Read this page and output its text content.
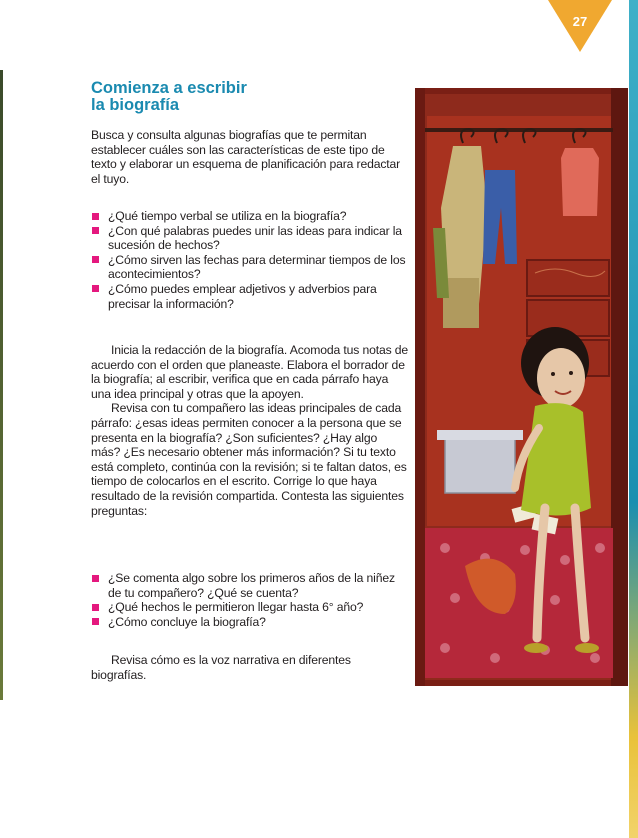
27
Comienza a escribir
la biografía

Busca y consulta algunas biografías que te permitan establecer cuáles son las características de este tipo de texto y elaborar un esquema de planificación para redactar el tuyo.

¿Qué tiempo verbal se utiliza en la biografía?
¿Con qué palabras puedes unir las ideas para indicar la sucesión de hechos?
¿Cómo sirven las fechas para determinar tiempos de los acontecimientos?
¿Cómo puedes emplear adjetivos y adverbios para precisar la información?

Inicia la redacción de la biografía. Acomoda tus notas de acuerdo con el orden que planeaste. Elabora el borrador de la biografía; al escribir, verifica que en cada párrafo haya una idea principal y otras que la apoyen.

Revisa con tu compañero las ideas principales de cada párrafo: ¿esas ideas permiten conocer a la persona que se presenta en la biografía? ¿Son suficientes? ¿Hay algo más? ¿Es necesario obtener más información? Si tu texto está completo, continúa con la revisión; si te faltan datos, es tiempo de colocarlos en el escrito. Corrige lo que haya resultado de la revisión compartida. Contesta las siguientes preguntas:

¿Se comenta algo sobre los primeros años de la niñez de tu compañero? ¿Qué se cuenta?
¿Qué hechos le permitieron llegar hasta 6° año?
¿Cómo concluye la biografía?

Revisa cómo es la voz narrativa en diferentes biografías.
